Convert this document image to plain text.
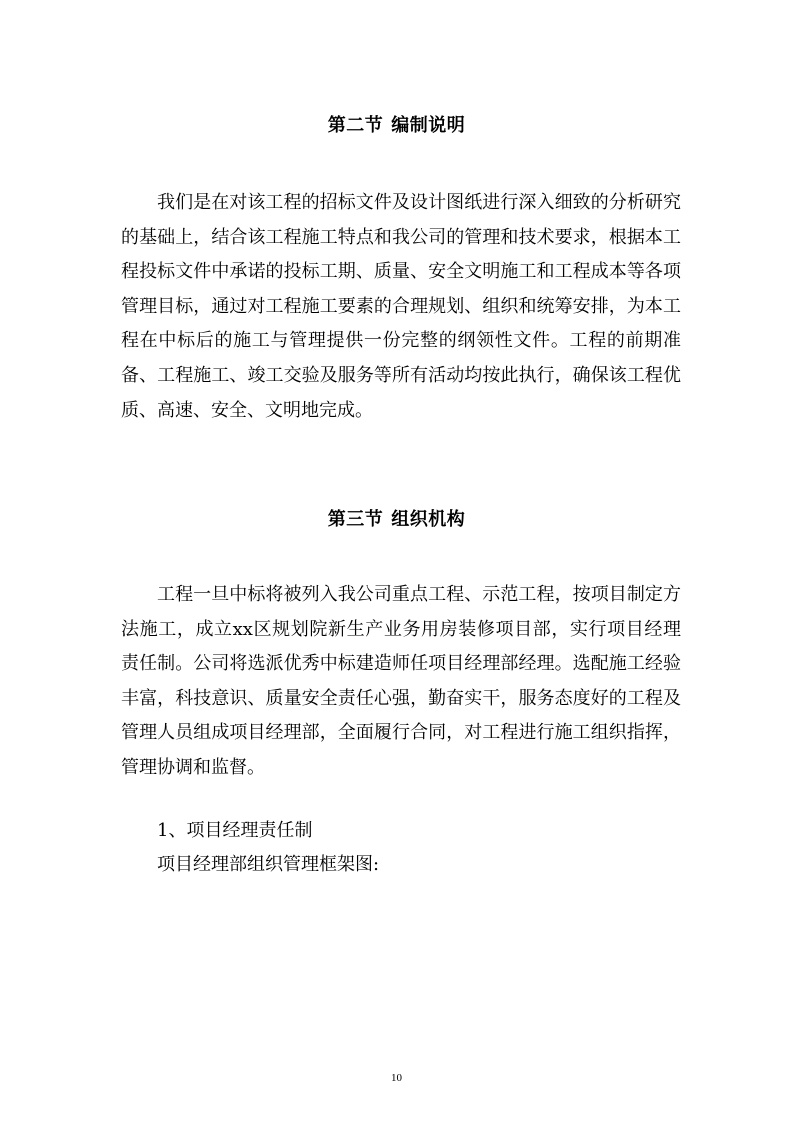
第二节 编制说明

我们是在对该工程的招标文件及设计图纸进行深入细致的分析研究的基础上，结合该工程施工特点和我公司的管理和技术要求，根据本工程投标文件中承诺的投标工期、质量、安全文明施工和工程成本等各项管理目标，通过对工程施工要素的合理规划、组织和统筹安排，为本工程在中标后的施工与管理提供一份完整的纲领性文件。工程的前期准备、工程施工、竣工交验及服务等所有活动均按此执行，确保该工程优质、高速、安全、文明地完成。

第三节 组织机构

工程一旦中标将被列入我公司重点工程、示范工程，按项目制定方法施工，成立xx区规划院新生产业务用房装修项目部，实行项目经理责任制。公司将选派优秀中标建造师任项目经理部经理。选配施工经验丰富，科技意识、质量安全责任心强，勤奋实干，服务态度好的工程及管理人员组成项目经理部，全面履行合同，对工程进行施工组织指挥，管理协调和监督。

1、项目经理责任制
项目经理部组织管理框架图:
10
